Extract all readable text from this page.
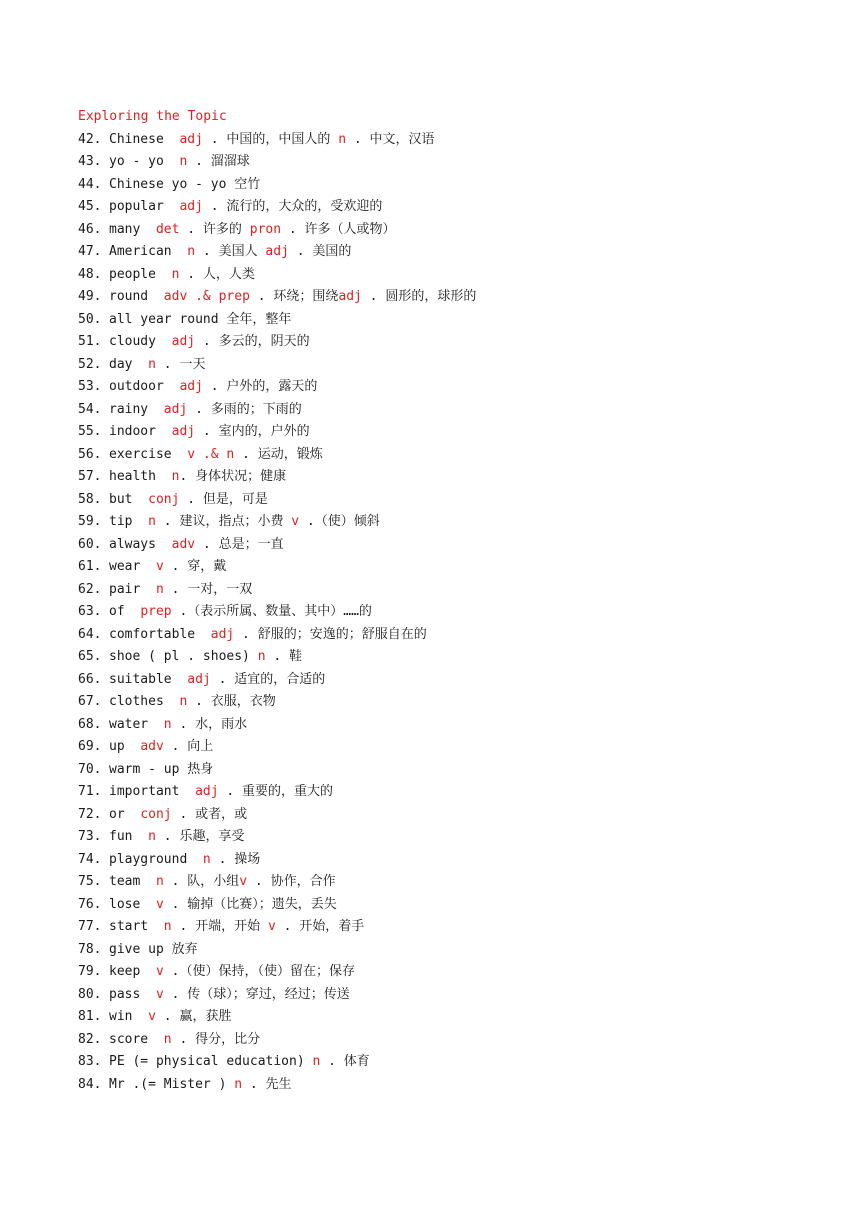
Exploring the Topic
42. Chinese  adj . 中国的，中国人的 n . 中文，汉语
43. yo - yo  n . 溜溜球
44. Chinese yo - yo 空竹
45. popular  adj . 流行的，大众的，受欢迎的
46. many  det . 许多的 pron . 许多（人或物）
47. American  n . 美国人 adj . 美国的
48. people  n . 人，人类
49. round  adv .& prep . 环绕；围绕adj . 圆形的，球形的
50. all year round 全年，整年
51. cloudy  adj . 多云的，阴天的
52. day  n . 一天
53. outdoor  adj . 户外的，露天的
54. rainy  adj . 多雨的；下雨的
55. indoor  adj . 室内的，户外的
56. exercise  v .& n . 运动，锻炼
57. health  n. 身体状况；健康
58. but  conj . 但是，可是
59. tip  n . 建议，指点；小费 v .（使）倾斜
60. always  adv . 总是；一直
61. wear  v . 穿，戴
62. pair  n . 一对，一双
63. of  prep .（表示所属、数量、其中）……的
64. comfortable  adj . 舒服的；安逸的；舒服自在的
65. shoe ( pl . shoes) n . 鞋
66. suitable  adj . 适宜的，合适的
67. clothes  n . 衣服，衣物
68. water  n . 水，雨水
69. up  adv . 向上
70. warm - up 热身
71. important  adj . 重要的，重大的
72. or  conj . 或者，或
73. fun  n . 乐趣，享受
74. playground  n . 操场
75. team  n . 队，小组v . 协作，合作
76. lose  v . 输掉（比赛）；遗失，丢失
77. start  n . 开端，开始 v . 开始，着手
78. give up 放弃
79. keep  v .（使）保持，（使）留在；保存
80. pass  v . 传（球）；穿过，经过；传送
81. win  v . 赢，获胜
82. score  n . 得分，比分
83. PE (= physical education) n . 体育
84. Mr .(= Mister ) n . 先生
